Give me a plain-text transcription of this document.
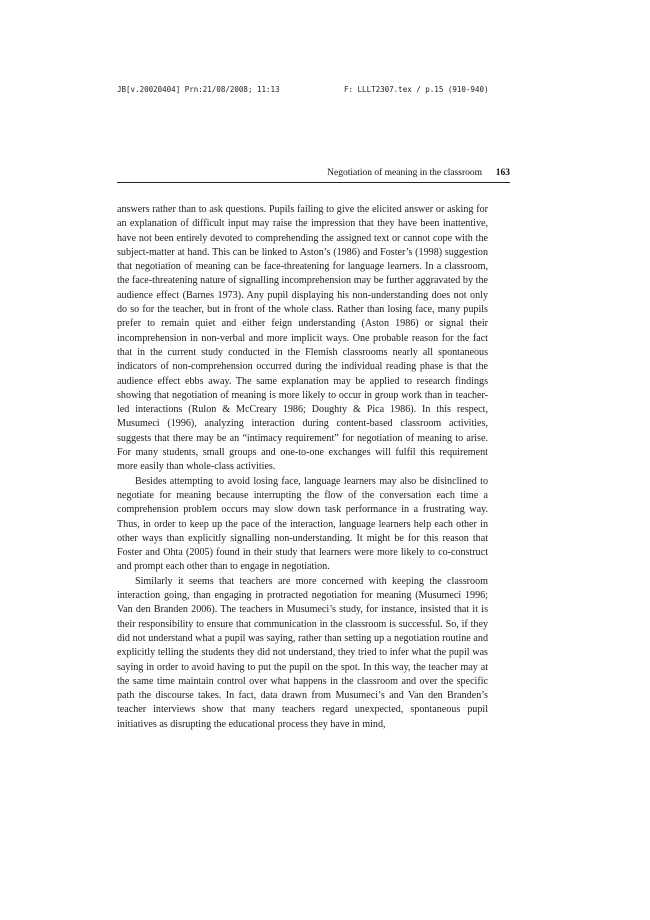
JB[v.20020404] Prn:21/08/2008; 11:13	F: LLLT2307.tex / p.15 (910-940)
Negotiation of meaning in the classroom 163

answers rather than to ask questions. Pupils failing to give the elicited answer or asking for an explanation of difficult input may raise the impression that they have been inattentive, have not been entirely devoted to comprehending the assigned text or cannot cope with the subject-matter at hand. This can be linked to Aston’s (1986) and Foster’s (1998) suggestion that negotiation of meaning can be face-threatening for language learners. In a classroom, the face-threatening nature of signalling incomprehension may be further aggravated by the audience effect (Barnes 1973). Any pupil displaying his non-understanding does not only do so for the teacher, but in front of the whole class. Rather than losing face, many pupils prefer to remain quiet and either feign understanding (Aston 1986) or signal their incomprehension in non-verbal and more implicit ways. One probable reason for the fact that in the current study conducted in the Flemish classrooms nearly all spontaneous indicators of non-comprehension occurred during the individual reading phase is that the audience effect ebbs away. The same explanation may be applied to research findings showing that negotiation of meaning is more likely to occur in group work than in teacher-led interactions (Rulon & McCreary 1986; Doughty & Pica 1986). In this respect, Musumeci (1996), analyzing interaction during content-based classroom activities, suggests that there may be an “intimacy requirement” for negotiation of meaning to arise. For many students, small groups and one-to-one exchanges will fulfil this requirement more easily than whole-class activities.

Besides attempting to avoid losing face, language learners may also be disinclined to negotiate for meaning because interrupting the flow of the conversation each time a comprehension problem occurs may slow down task performance in a frustrating way. Thus, in order to keep up the pace of the interaction, language learners help each other in other ways than explicitly signalling non-understanding. It might be for this reason that Foster and Ohta (2005) found in their study that learners were more likely to co-construct and prompt each other than to engage in negotiation.

Similarly it seems that teachers are more concerned with keeping the classroom interaction going, than engaging in protracted negotiation for meaning (Musumeci 1996; Van den Branden 2006). The teachers in Musumeci’s study, for instance, insisted that it is their responsibility to ensure that communication in the classroom is successful. So, if they did not understand what a pupil was saying, rather than setting up a negotiation routine and explicitly telling the students they did not understand, they tried to infer what the pupil was saying in order to avoid having to put the pupil on the spot. In this way, the teacher may at the same time maintain control over what happens in the classroom and over the specific path the discourse takes. In fact, data drawn from Musumeci’s and Van den Branden’s teacher interviews show that many teachers regard unexpected, spontaneous pupil initiatives as disrupting the educational process they have in mind,
